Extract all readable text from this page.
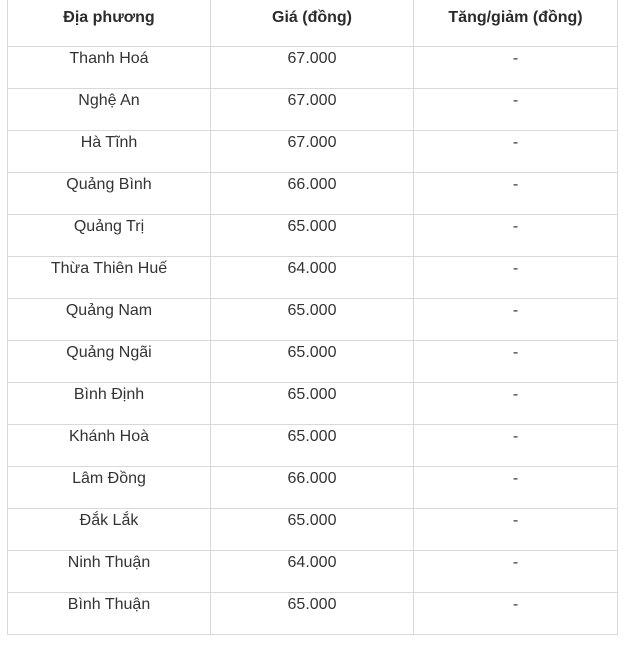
Địa phương	Giá (đồng)	Tăng/giảm (đồng)
Thanh Hoá	67.000	-
Nghệ An	67.000	-
Hà Tĩnh	67.000	-
Quảng Bình	66.000	-
Quảng Trị	65.000	-
Thừa Thiên Huế	64.000	-
Quảng Nam	65.000	-
Quảng Ngãi	65.000	-
Bình Định	65.000	-
Khánh Hoà	65.000	-
Lâm Đồng	66.000	-
Đắk Lắk	65.000	-
Ninh Thuận	64.000	-
Bình Thuận	65.000	-
